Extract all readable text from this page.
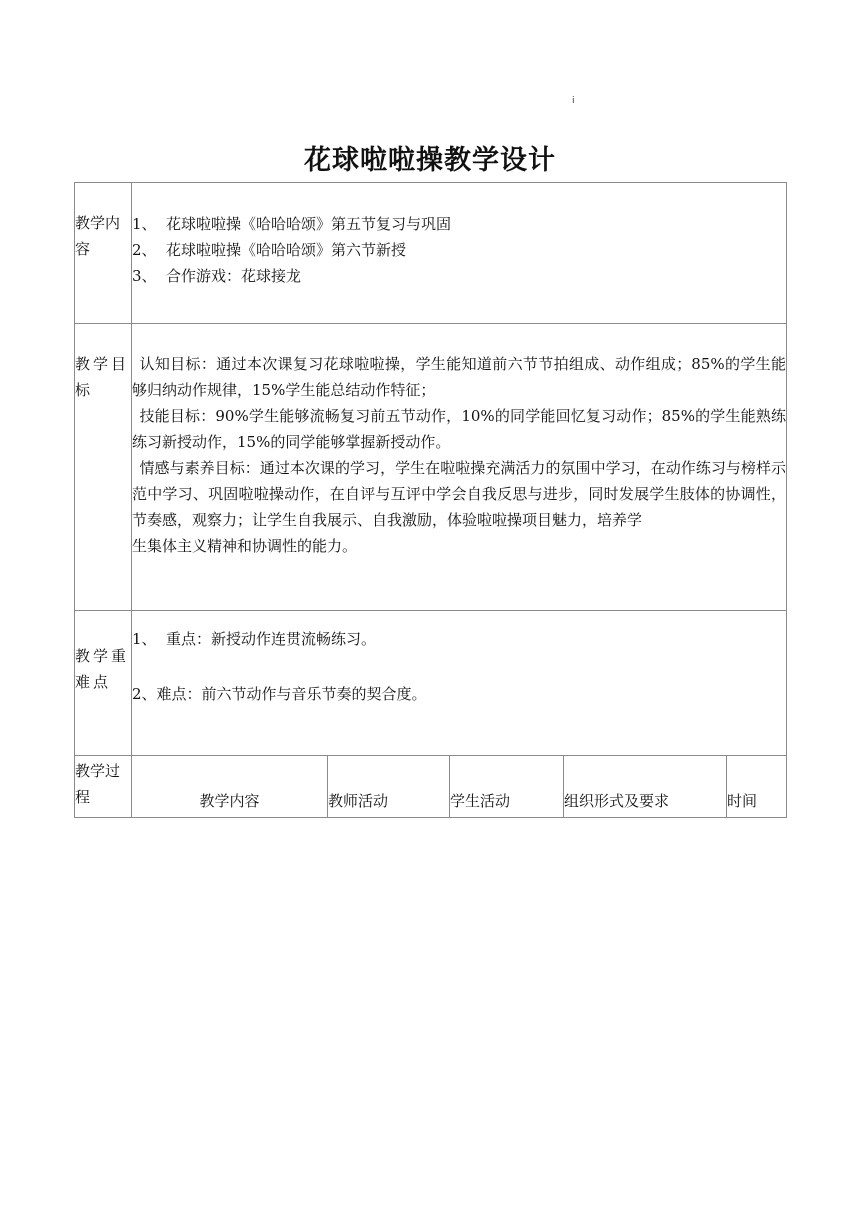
i
花球啦啦操教学设计
教学内容	1、 花球啦啦操《哈哈哈颂》第五节复习与巩固
2、 花球啦啦操《哈哈哈颂》第六节新授
3、 合作游戏：花球接龙				

教学目标	认知目标：通过本次课复习花球啦啦操，学生能知道前六节节拍组成、动作组成；85%的学生能够归纳动作规律，15%学生能总结动作特征；
技能目标：90%学生能够流畅复习前五节动作，10%的同学能回忆复习动作；85%的学生能熟练练习新授动作，15%的同学能够掌握新授动作。
情感与素养目标：通过本次课的学习，学生在啦啦操充满活力的氛围中学习，在动作练习与榜样示范中学习、巩固啦啦操动作，在自评与互评中学会自我反思与进步，同时发展学生肢体的协调性，节奏感，观察力；让学生自我展示、自我激励，体验啦啦操项目魅力，培养学
生集体主义精神和协调性的能力。				

教学重难点	1、 重点：新授动作连贯流畅练习。
2、难点：前六节动作与音乐节奏的契合度。				

教学过程	教学内容	教师活动	学生活动	组织形式及要求	时间
